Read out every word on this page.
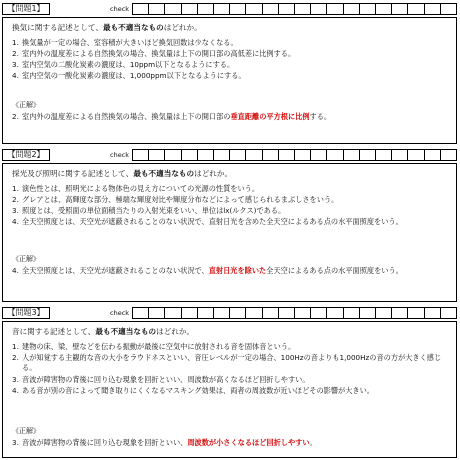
【問題1】	check
換気に関する記述として、最も不適当なものはどれか。
1. 換気量が一定の場合、室容積が大きいほど換気回数は少なくなる。
2. 室内外の温度差による自然換気の場合、換気量は上下の開口部の高低差に比例する。
3. 室内空気の二酸化炭素の濃度は、10ppm以下となるようにする。
4. 室内空気の一酸化炭素の濃度は、1,000ppm以下となるようにする。
《正解》
2. 室内外の温度差による自然換気の場合、換気量は上下の開口部の垂直距離の平方根に比例する。
【問題2】	check
採光及び照明に関する記述として、最も不適当なものはどれか。
1. 演色性とは、照明光による物体色の見え方についての光源の性質をいう。
2. グレアとは、高輝度な部分、極端な輝度対比や輝度分布などによって感じられるまぶしさをいう。
3. 照度とは、受照面の単位面積当たりの入射光束をいい、単位はlx(ルクス)である。
4. 全天空照度とは、天空光が遮蔽されることのない状況で、直射日光を含めた全天空によるある点の水平面照度をいう。
《正解》
4. 全天空照度とは、天空光が遮蔽されることのない状況で、直射日光を除いた全天空によるある点の水平面照度をいう。
【問題3】	check
音に関する記述として、最も不適当なものはどれか。
1. 建物の床、梁、壁などを伝わる振動が最後に空気中に放射される音を固体音という。
2. 人が知覚する主観的な音の大小をラウドネスといい、音圧レベルが一定の場合、100Hzの音よりも1,000Hzの音の方が大きく感じる。
3. 音波が障害物の背後に回り込む現象を回折といい、周波数が高くなるほど回折しやすい。
4. ある音が別の音によって聞き取りにくくなるマスキング効果は、両者の周波数が近いほどその影響が大きい。
《正解》
3. 音波が障害物の背後に回り込む現象を回折といい、周波数が小さくなるほど回折しやすい。
